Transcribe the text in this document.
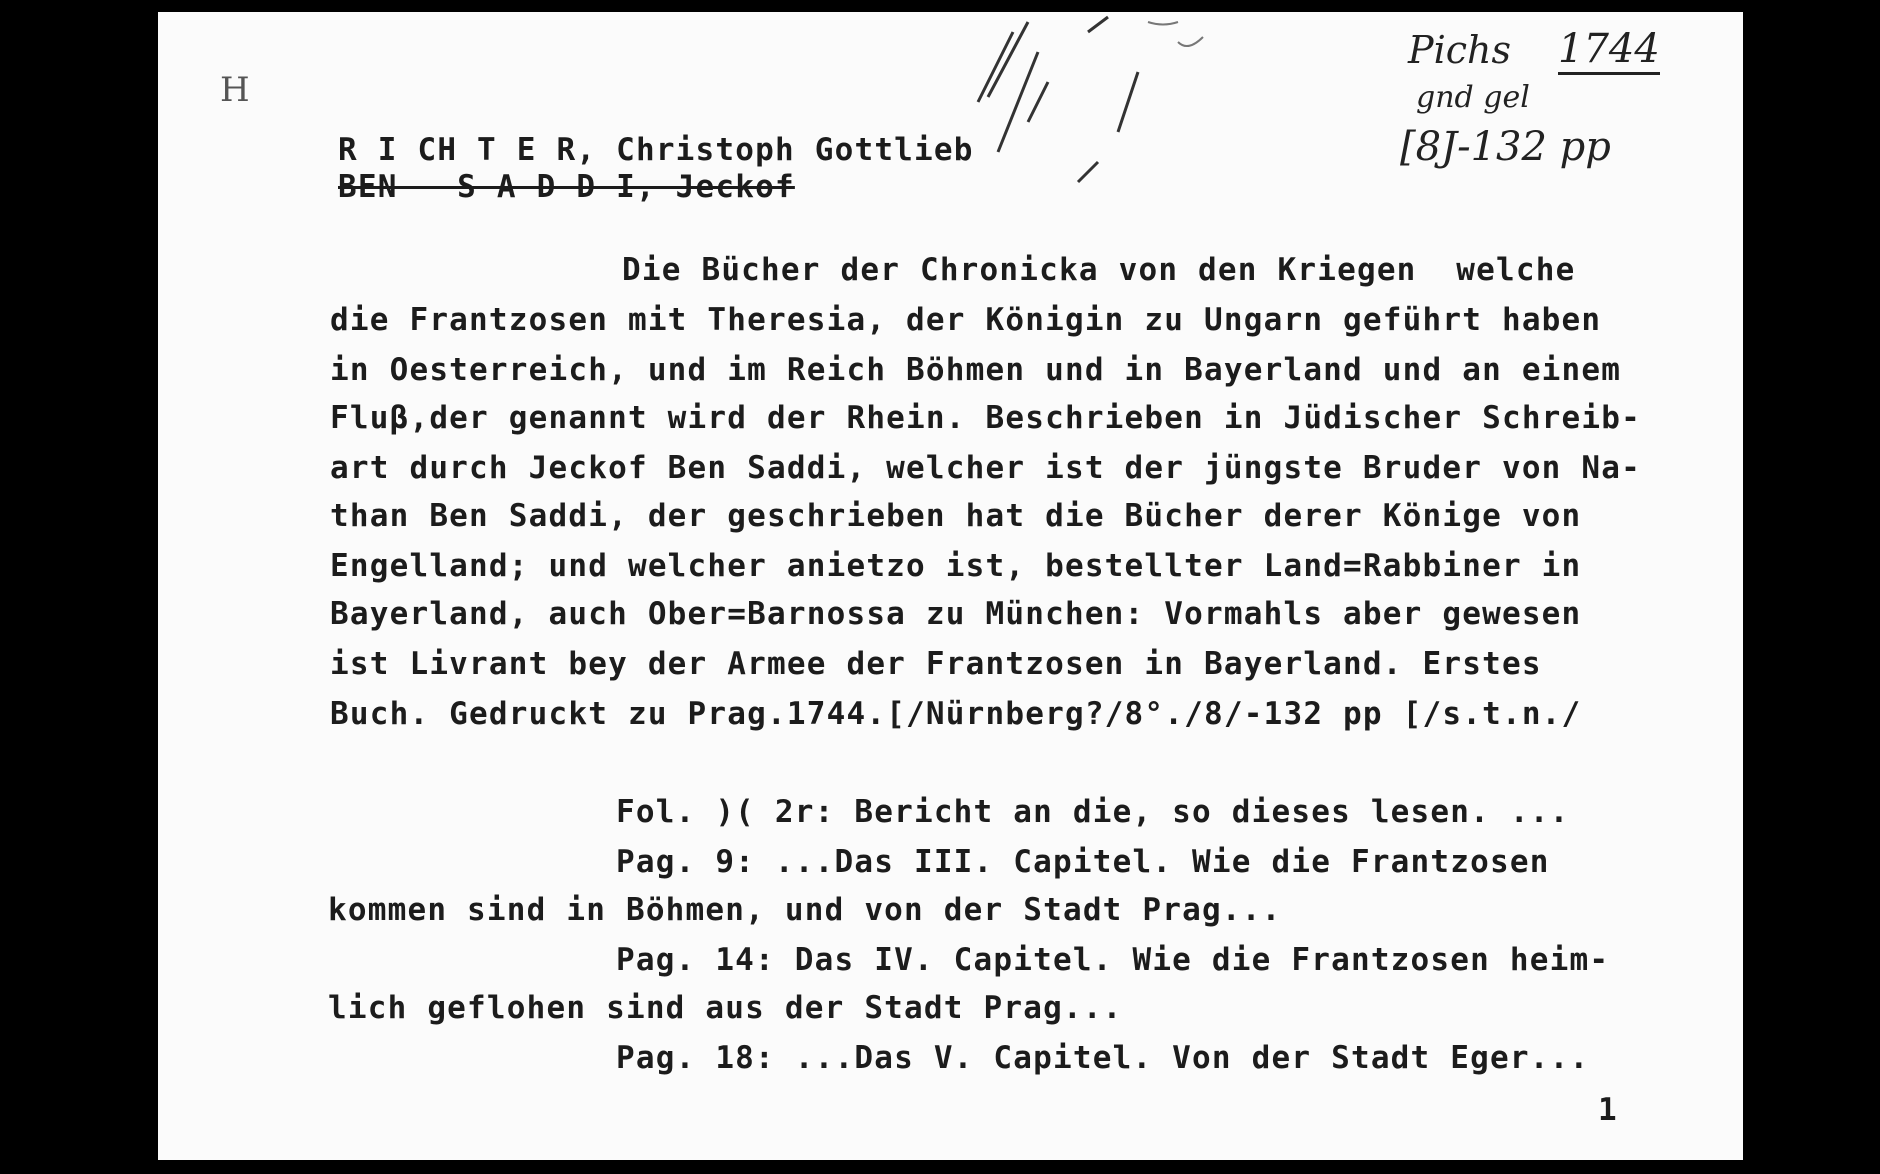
H
Pichs 1744
gnd gel
[8J-132 pp
R I CH T E R, Christoph Gottlieb
BEN   S A D D I, Jeckof
Die Bücher der Chronicka von den Kriegen  welche
die Frantzosen mit Theresia, der Königin zu Ungarn geführt haben
in Oesterreich, und im Reich Böhmen und in Bayerland und an einem
Fluβ,der genannt wird der Rhein. Beschrieben in Jüdischer Schreib-
art durch Jeckof Ben Saddi, welcher ist der jüngste Bruder von Na-
than Ben Saddi, der geschrieben hat die Bücher derer Könige von
Engelland; und welcher anietzo ist, bestellter Land=Rabbiner in
Bayerland, auch Ober=Barnossa zu München: Vormahls aber gewesen
ist Livrant bey der Armee der Frantzosen in Bayerland. Erstes
Buch. Gedruckt zu Prag.1744.[/Nürnberg?/8°./8/-132 pp [/s.t.n./
Fol. )( 2r: Bericht an die, so dieses lesen. ...
Pag. 9: ...Das III. Capitel. Wie die Frantzosen
kommen sind in Böhmen, und von der Stadt Prag...
Pag. 14: Das IV. Capitel. Wie die Frantzosen heim-
lich geflohen sind aus der Stadt Prag...
Pag. 18: ...Das V. Capitel. Von der Stadt Eger...
1
